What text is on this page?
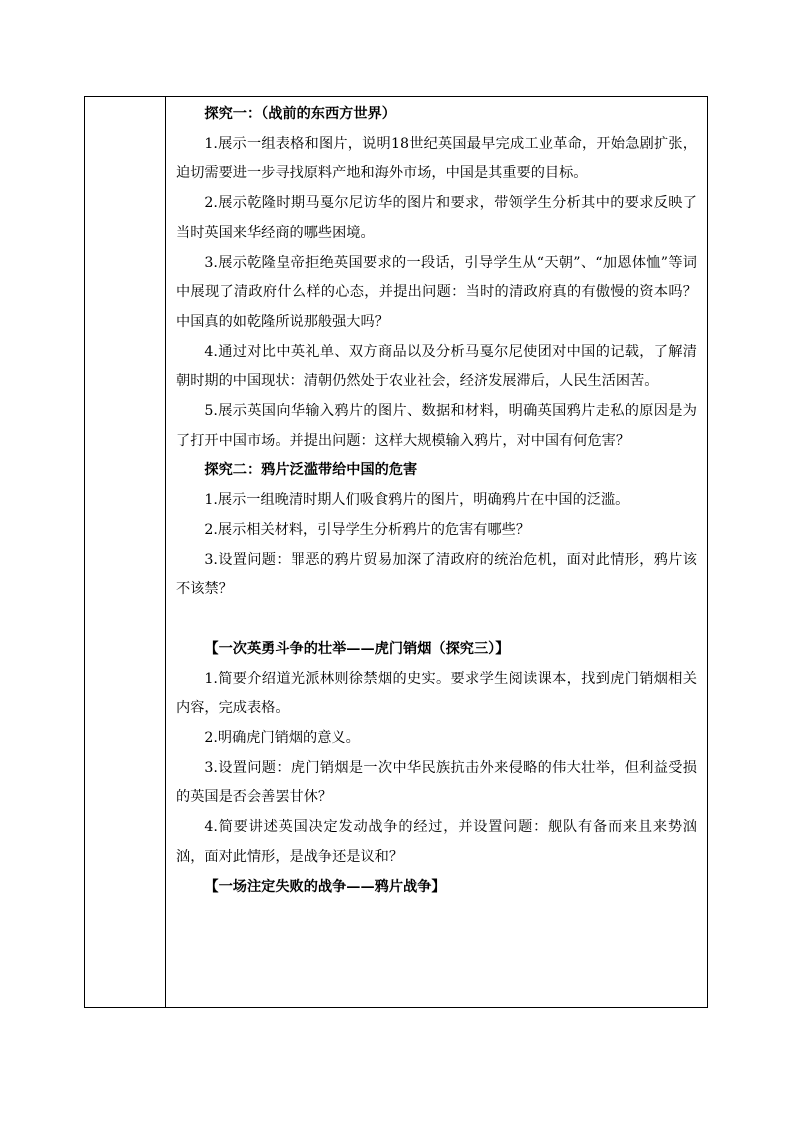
探究一：（战前的东西方世界）

1.展示一组表格和图片，说明18世纪英国最早完成工业革命，开始急剧扩张，迫切需要进一步寻找原料产地和海外市场，中国是其重要的目标。

2.展示乾隆时期马戛尔尼访华的图片和要求，带领学生分析其中的要求反映了当时英国来华经商的哪些困境。

3.展示乾隆皇帝拒绝英国要求的一段话，引导学生从“天朝”、“加恩体恤”等词中展现了清政府什么样的心态，并提出问题：当时的清政府真的有傲慢的资本吗？中国真的如乾隆所说那般强大吗？

4.通过对比中英礼单、双方商品以及分析马戛尔尼使团对中国的记载，了解清朝时期的中国现状：清朝仍然处于农业社会，经济发展滞后，人民生活困苦。

5.展示英国向华输入鸦片的图片、数据和材料，明确英国鸦片走私的原因是为了打开中国市场。并提出问题：这样大规模输入鸦片，对中国有何危害？

探究二：鸦片泛滥带给中国的危害

1.展示一组晚清时期人们吸食鸦片的图片，明确鸦片在中国的泛滥。

2.展示相关材料，引导学生分析鸦片的危害有哪些？

3.设置问题：罪恶的鸦片贸易加深了清政府的统治危机，面对此情形，鸦片该不该禁？

【一次英勇斗争的壮举——虎门销烟（探究三）】

1.简要介绍道光派林则徐禁烟的史实。要求学生阅读课本，找到虎门销烟相关内容，完成表格。

2.明确虎门销烟的意义。

3.设置问题：虎门销烟是一次中华民族抗击外来侵略的伟大壮举，但利益受损的英国是否会善罢甘休？

4.简要讲述英国决定发动战争的经过，并设置问题：舰队有备而来且来势汹汹，面对此情形，是战争还是议和？

【一场注定失败的战争——鸦片战争】
